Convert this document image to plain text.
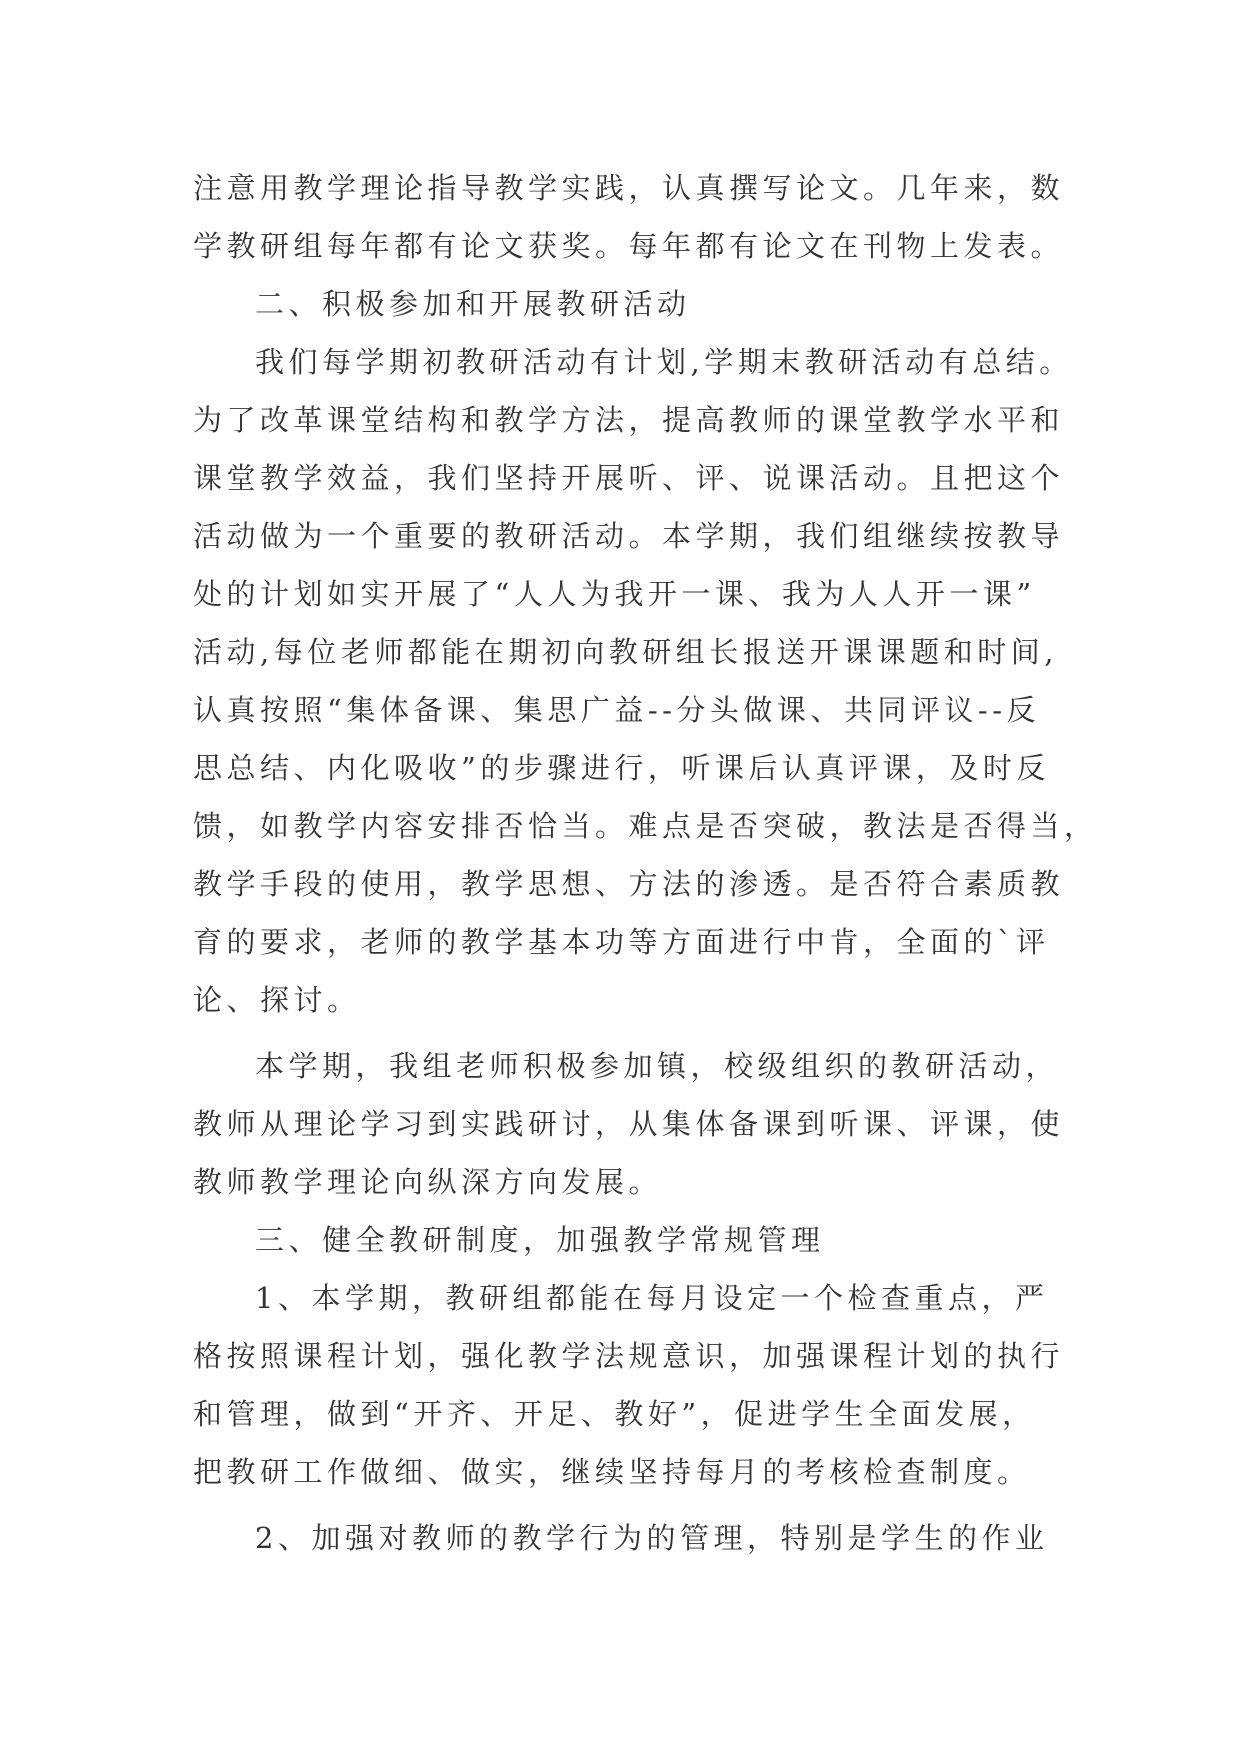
注意用教学理论指导教学实践，认真撰写论文。几年来，数
学教研组每年都有论文获奖。每年都有论文在刊物上发表。
二、积极参加和开展教研活动
我们每学期初教研活动有计划,学期末教研活动有总结。
为了改革课堂结构和教学方法，提高教师的课堂教学水平和
课堂教学效益，我们坚持开展听、评、说课活动。且把这个
活动做为一个重要的教研活动。本学期，我们组继续按教导
处的计划如实开展了“人人为我开一课、我为人人开一课”
活动,每位老师都能在期初向教研组长报送开课课题和时间,
认真按照“集体备课、集思广益--分头做课、共同评议--反
思总结、内化吸收”的步骤进行，听课后认真评课，及时反
馈，如教学内容安排否恰当。难点是否突破，教法是否得当，
教学手段的使用，教学思想、方法的渗透。是否符合素质教
育的要求，老师的教学基本功等方面进行中肯，全面的`评
论、探讨。
本学期，我组老师积极参加镇，校级组织的教研活动，
教师从理论学习到实践研讨，从集体备课到听课、评课，使
教师教学理论向纵深方向发展。
三、健全教研制度，加强教学常规管理
1、本学期，教研组都能在每月设定一个检查重点，严
格按照课程计划，强化教学法规意识，加强课程计划的执行
和管理，做到“开齐、开足、教好”，促进学生全面发展，
把教研工作做细、做实，继续坚持每月的考核检查制度。
2、加强对教师的教学行为的管理，特别是学生的作业
